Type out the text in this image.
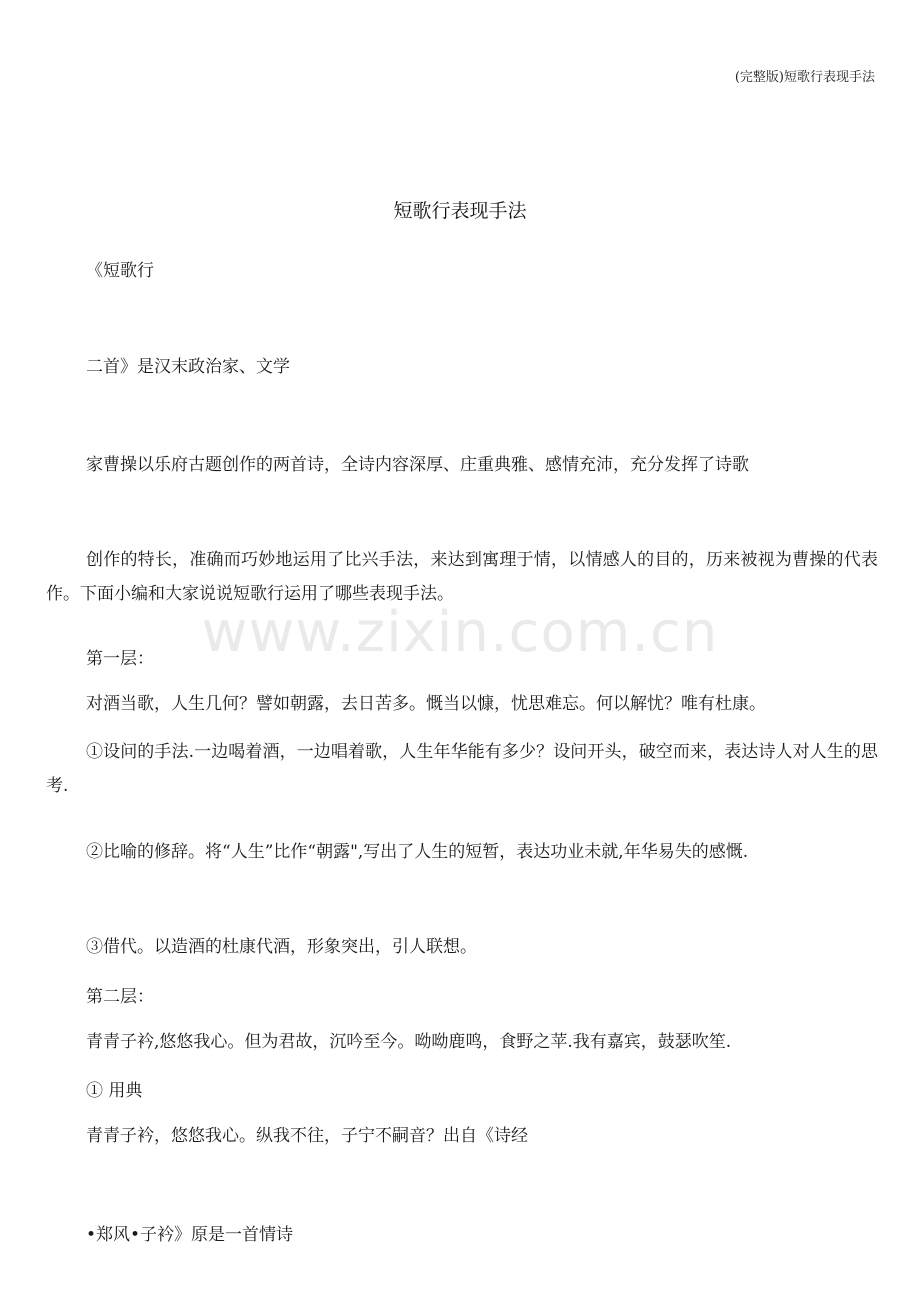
(完整版)短歌行表现手法
短歌行表现手法
《短歌行
二首》是汉末政治家、文学
家曹操以乐府古题创作的两首诗，全诗内容深厚、庄重典雅、感情充沛，充分发挥了诗歌
创作的特长，准确而巧妙地运用了比兴手法，来达到寓理于情，以情感人的目的，历来被视为曹操的代表作。下面小编和大家说说短歌行运用了哪些表现手法。
第一层：
对酒当歌，人生几何？譬如朝露，去日苦多。慨当以慷，忧思难忘。何以解忧？唯有杜康。
①设问的手法.一边喝着酒，一边唱着歌，人生年华能有多少？设问开头，破空而来，表达诗人对人生的思考.
②比喻的修辞。将“人生”比作“朝露",写出了人生的短暂，表达功业未就,年华易失的感慨.
③借代。以造酒的杜康代酒，形象突出，引人联想。
第二层：
青青子衿,悠悠我心。但为君故，沉吟至今。呦呦鹿鸣，食野之苹.我有嘉宾，鼓瑟吹笙.
① 用典
青青子衿，悠悠我心。纵我不往，子宁不嗣音？出自《诗经
•郑风•子衿》原是一首情诗
www.zixin.com.cn
